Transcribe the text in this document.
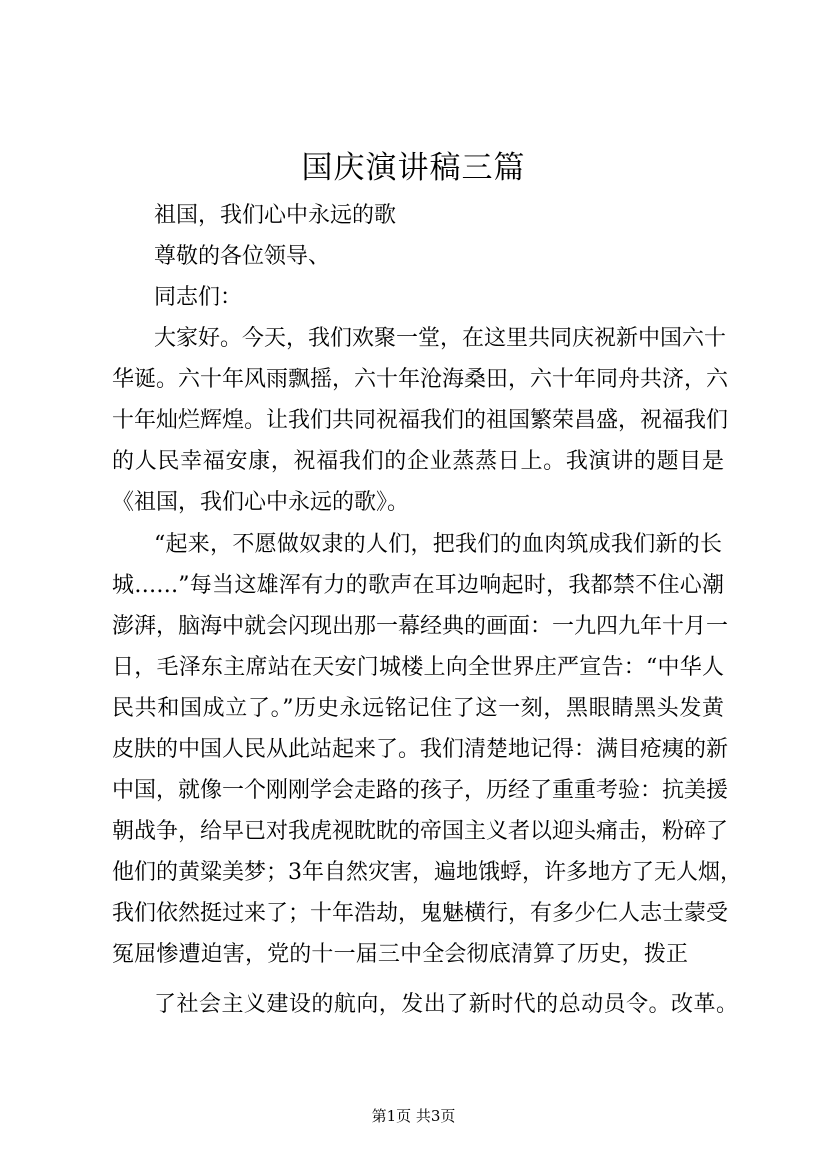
国庆演讲稿三篇
祖国，我们心中永远的歌
尊敬的各位领导、
同志们：
大家好。今天，我们欢聚一堂，在这里共同庆祝新中国六十
华诞。六十年风雨飘摇，六十年沧海桑田，六十年同舟共济，六
十年灿烂辉煌。让我们共同祝福我们的祖国繁荣昌盛，祝福我们
的人民幸福安康，祝福我们的企业蒸蒸日上。我演讲的题目是
《祖国，我们心中永远的歌》。
“起来，不愿做奴隶的人们，把我们的血肉筑成我们新的长
城……”每当这雄浑有力的歌声在耳边响起时，我都禁不住心潮
澎湃，脑海中就会闪现出那一幕经典的画面：一九四九年十月一
日，毛泽东主席站在天安门城楼上向全世界庄严宣告：“中华人
民共和国成立了。”历史永远铭记住了这一刻，黑眼睛黑头发黄
皮肤的中国人民从此站起来了。我们清楚地记得：满目疮痍的新
中国，就像一个刚刚学会走路的孩子，历经了重重考验：抗美援
朝战争，给早已对我虎视眈眈的帝国主义者以迎头痛击，粉碎了
他们的黄粱美梦；3年自然灾害，遍地饿蜉，许多地方了无人烟，
我们依然挺过来了；十年浩劫，鬼魅横行，有多少仁人志士蒙受
冤屈惨遭迫害，党的十一届三中全会彻底清算了历史，拨正
了社会主义建设的航向，发出了新时代的总动员令。改革。
第1页 共3页
